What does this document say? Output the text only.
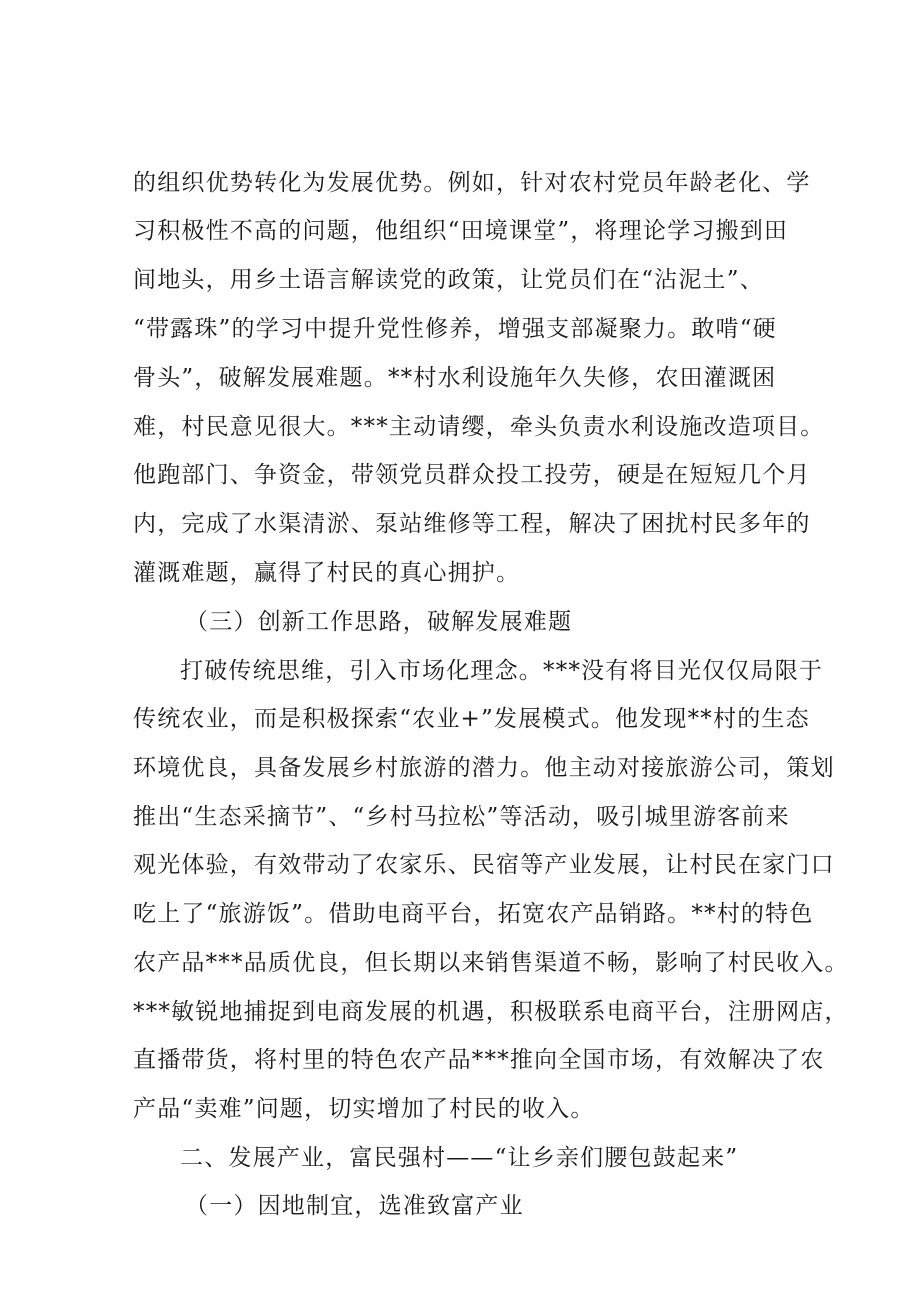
的组织优势转化为发展优势。例如，针对农村党员年龄老化、学
习积极性不高的问题，他组织“田境课堂”，将理论学习搬到田
间地头，用乡土语言解读党的政策，让党员们在“沾泥土”、
“带露珠”的学习中提升党性修养，增强支部凝聚力。敢啃“硬
骨头”，破解发展难题。**村水利设施年久失修，农田灌溉困
难，村民意见很大。***主动请缨，牵头负责水利设施改造项目。
他跑部门、争资金，带领党员群众投工投劳，硬是在短短几个月
内，完成了水渠清淤、泵站维修等工程，解决了困扰村民多年的
灌溉难题，赢得了村民的真心拥护。
（三）创新工作思路，破解发展难题
打破传统思维，引入市场化理念。***没有将目光仅仅局限于
传统农业，而是积极探索“农业+”发展模式。他发现**村的生态
环境优良，具备发展乡村旅游的潜力。他主动对接旅游公司，策划
推出“生态采摘节”、“乡村马拉松”等活动，吸引城里游客前来
观光体验，有效带动了农家乐、民宿等产业发展，让村民在家门口
吃上了“旅游饭”。借助电商平台，拓宽农产品销路。**村的特色
农产品***品质优良，但长期以来销售渠道不畅，影响了村民收入。
***敏锐地捕捉到电商发展的机遇，积极联系电商平台，注册网店，
直播带货，将村里的特色农产品***推向全国市场，有效解决了农
产品“卖难”问题，切实增加了村民的收入。
二、发展产业，富民强村——“让乡亲们腰包鼓起来”
（一）因地制宜，选准致富产业
